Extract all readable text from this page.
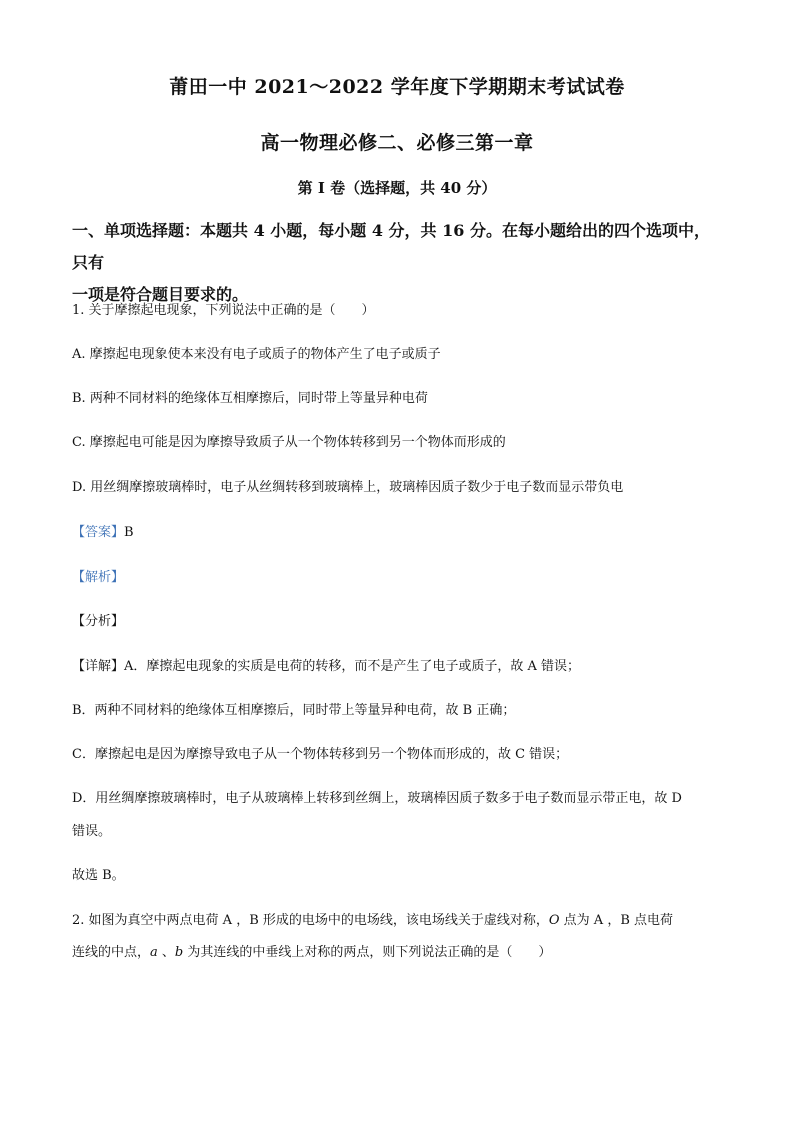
莆田一中 2021～2022 学年度下学期期末考试试卷
高一物理必修二、必修三第一章
第 I 卷（选择题，共 40 分）
一、单项选择题：本题共 4 小题，每小题 4 分，共 16 分。在每小题给出的四个选项中，只有
一项是符合题目要求的。
1. 关于摩擦起电现象，下列说法中正确的是（　　）
A. 摩擦起电现象使本来没有电子或质子的物体产生了电子或质子
B. 两种不同材料的绝缘体互相摩擦后，同时带上等量异种电荷
C. 摩擦起电可能是因为摩擦导致质子从一个物体转移到另一个物体而形成的
D. 用丝绸摩擦玻璃棒时，电子从丝绸转移到玻璃棒上，玻璃棒因质子数少于电子数而显示带负电
【答案】B
【解析】
【分析】
【详解】A．摩擦起电现象的实质是电荷的转移，而不是产生了电子或质子，故 A 错误；
B．两种不同材料的绝缘体互相摩擦后，同时带上等量异种电荷，故 B 正确；
C．摩擦起电是因为摩擦导致电子从一个物体转移到另一个物体而形成的，故 C 错误；
D．用丝绸摩擦玻璃棒时，电子从玻璃棒上转移到丝绸上，玻璃棒因质子数多于电子数而显示带正电，故 D
错误。
故选 B。
2. 如图为真空中两点电荷 A ，B 形成的电场中的电场线，该电场线关于虚线对称，O 点为 A ，B 点电荷
连线的中点，a 、b 为其连线的中垂线上对称的两点，则下列说法正确的是（　　）
